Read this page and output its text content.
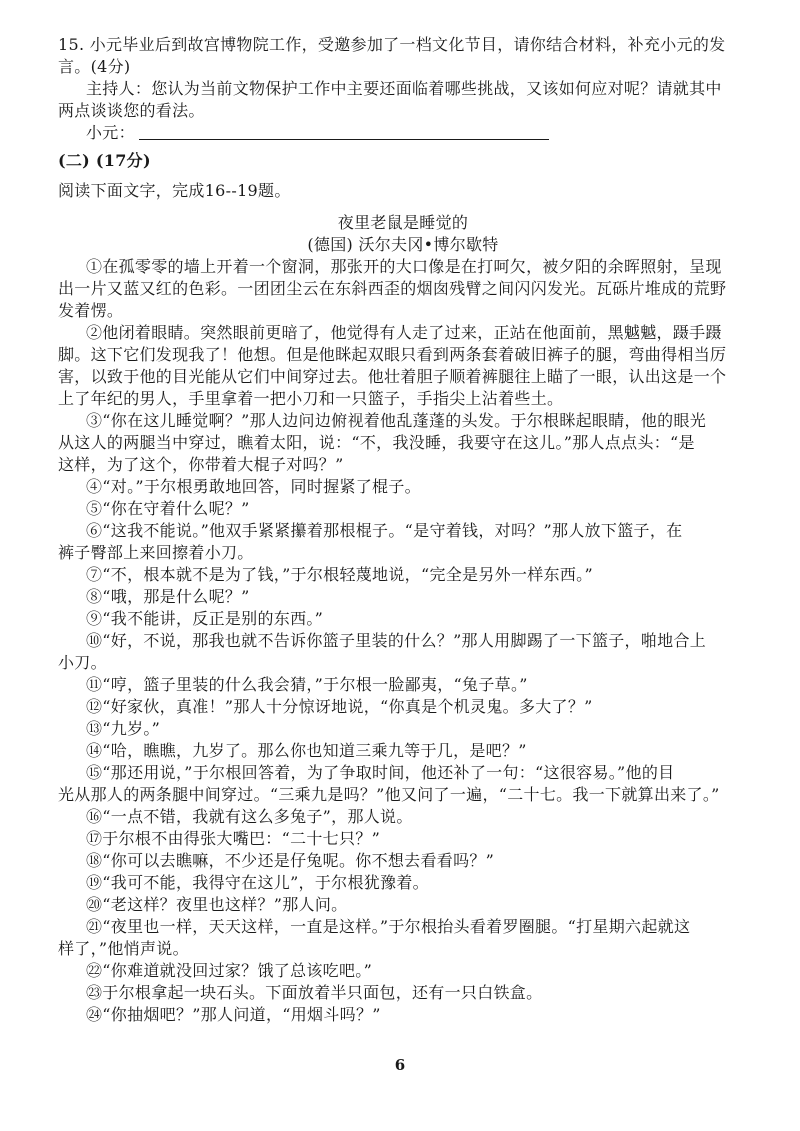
15. 小元毕业后到故宫博物院工作，受邀参加了一档文化节目，请你结合材料，补充小元的发
言。(4分)
主持人：您认为当前文物保护工作中主要还面临着哪些挑战，又该如何应对呢？请就其中
两点谈谈您的看法。
小元：
(二) (17分)
阅读下面文字，完成16--19题。
夜里老鼠是睡觉的
(德国) 沃尔夫冈•博尔歇特
①在孤零零的墙上开着一个窗洞，那张开的大口像是在打呵欠，被夕阳的余晖照射，呈现
出一片又蓝又红的色彩。一团团尘云在东斜西歪的烟囱残臂之间闪闪发光。瓦砾片堆成的荒野
发着愣。
②他闭着眼睛。突然眼前更暗了，他觉得有人走了过来，正站在他面前，黑魆魆，蹑手蹑
脚。这下它们发现我了！他想。但是他眯起双眼只看到两条套着破旧裤子的腿，弯曲得相当厉
害，以致于他的目光能从它们中间穿过去。他壮着胆子顺着裤腿往上瞄了一眼，认出这是一个
上了年纪的男人，手里拿着一把小刀和一只篮子，手指尖上沾着些土。
③“你在这儿睡觉啊？”那人边问边俯视着他乱蓬蓬的头发。于尔根眯起眼睛，他的眼光
从这人的两腿当中穿过，瞧着太阳，说：“不，我没睡，我要守在这儿。”那人点点头：“是
这样，为了这个，你带着大棍子对吗？”
④“对。”于尔根勇敢地回答，同时握紧了棍子。
⑤“你在守着什么呢？”
⑥“这我不能说。”他双手紧紧攥着那根棍子。“是守着钱，对吗？”那人放下篮子，在
裤子臀部上来回擦着小刀。
⑦“不，根本就不是为了钱，”于尔根轻蔑地说，“完全是另外一样东西。”
⑧“哦，那是什么呢？”
⑨“我不能讲，反正是别的东西。”
⑩“好，不说，那我也就不告诉你篮子里装的什么？”那人用脚踢了一下篮子，啪地合上
小刀。
⑪“哼，篮子里装的什么我会猜，”于尔根一脸鄙夷，“兔子草。”
⑫“好家伙，真准！”那人十分惊讶地说，“你真是个机灵鬼。多大了？”
⑬“九岁。”
⑭“哈，瞧瞧，九岁了。那么你也知道三乘九等于几，是吧？”
⑮“那还用说，”于尔根回答着，为了争取时间，他还补了一句：“这很容易。”他的目
光从那人的两条腿中间穿过。“三乘九是吗？”他又问了一遍，“二十七。我一下就算出来了。”
⑯“一点不错，我就有这么多兔子”，那人说。
⑰于尔根不由得张大嘴巴：“二十七只？”
⑱“你可以去瞧嘛，不少还是仔兔呢。你不想去看看吗？”
⑲“我可不能，我得守在这儿”，于尔根犹豫着。
⑳“老这样？夜里也这样？”那人问。
㉑“夜里也一样，天天这样，一直是这样。”于尔根抬头看着罗圈腿。“打星期六起就这
样了，”他悄声说。
㉒“你难道就没回过家？饿了总该吃吧。”
㉓于尔根拿起一块石头。下面放着半只面包，还有一只白铁盒。
㉔“你抽烟吧？”那人问道，“用烟斗吗？”
6
